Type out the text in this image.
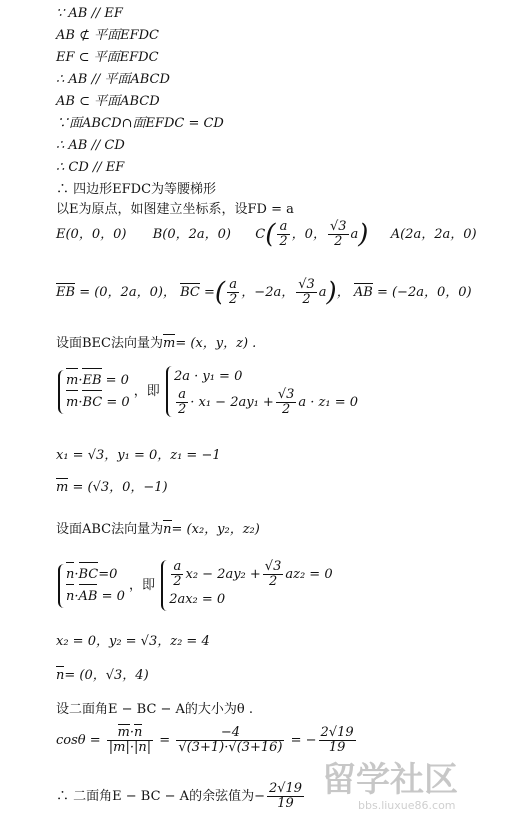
∵ AB // EF
AB ⊄ 平面EFDC
EF ⊂ 平面EFDC
∴ AB // 平面ABCD
AB ⊂ 平面ABCD
∵面ABCD∩面EFDC = CD
∴ AB // CD
∴ CD // EF
∴ 四边形EFDC为等腰梯形
以E为原点，如图建立坐标系，设FD = a
E(0，0，0) B(0，2a，0) $C( \frac{a}{2}$ ，0， $\frac{√3}{2} a$) A(2a，2a，0)
EB = (0，2a，0)， BC =( $\frac{a}{2}$ ，−2a， $\frac{√3}{2} a$)， AB = (−2a，0，0)
设面BEC法向量为m= (x，y，z) .
m·EB = 0
m·BC = 0
，即
2a · y₁ = 0
$\frac{a}{2} \cdot x_1 - 2ay_1 + \frac{√3}{2}$ a · z₁ = 0
x₁ = √3，y₁ = 0，z₁ = −1
m = (√3，0，−1)
设面ABC法向量为n= (x₂，y₂，z₂)
n·BC=0
n·AB = 0
，即 $\frac{a}{2} x_2 - 2ay_2 + \frac{√3}{2} az_2 = 0$
2ax₂ = 0
x₂ = 0，y₂ = √3，z₂ = 4
n= (0，√3，4)
设二面角E − BC − A的大小为θ .
$\cos\theta = \frac{m\cdot n}{|m|\cdot|n|} = \frac{-4}{√(3+1)\cdot√(3+16)}$ = − $\frac{2√19}{19}$
∴ 二面角E − BC − A的余弦值为− $\frac{2√19}{19}$ 留学社区
bbs.liuxue86.com
